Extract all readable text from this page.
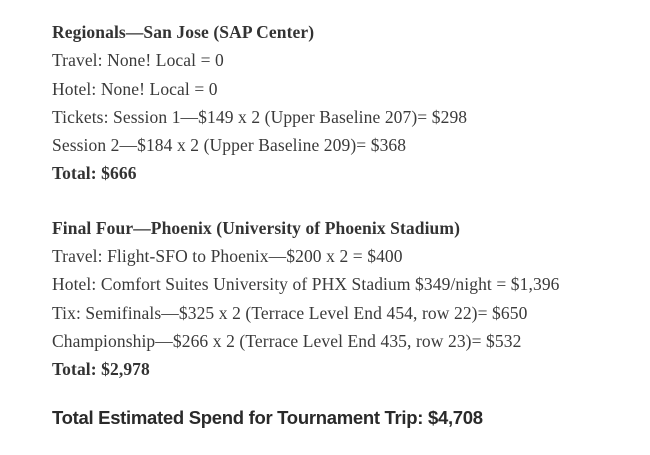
Regionals—San Jose (SAP Center)
Travel: None! Local = 0
Hotel: None! Local = 0
Tickets: Session 1—$149 x 2 (Upper Baseline 207)= $298
Session 2—$184 x 2 (Upper Baseline 209)= $368
Total: $666
Final Four—Phoenix (University of Phoenix Stadium)
Travel: Flight-SFO to Phoenix—$200 x 2 = $400
Hotel: Comfort Suites University of PHX Stadium $349/night = $1,396
Tix: Semifinals—$325 x 2 (Terrace Level End 454, row 22)= $650
Championship—$266 x 2 (Terrace Level End 435, row 23)= $532
Total: $2,978
Total Estimated Spend for Tournament Trip: $4,708
